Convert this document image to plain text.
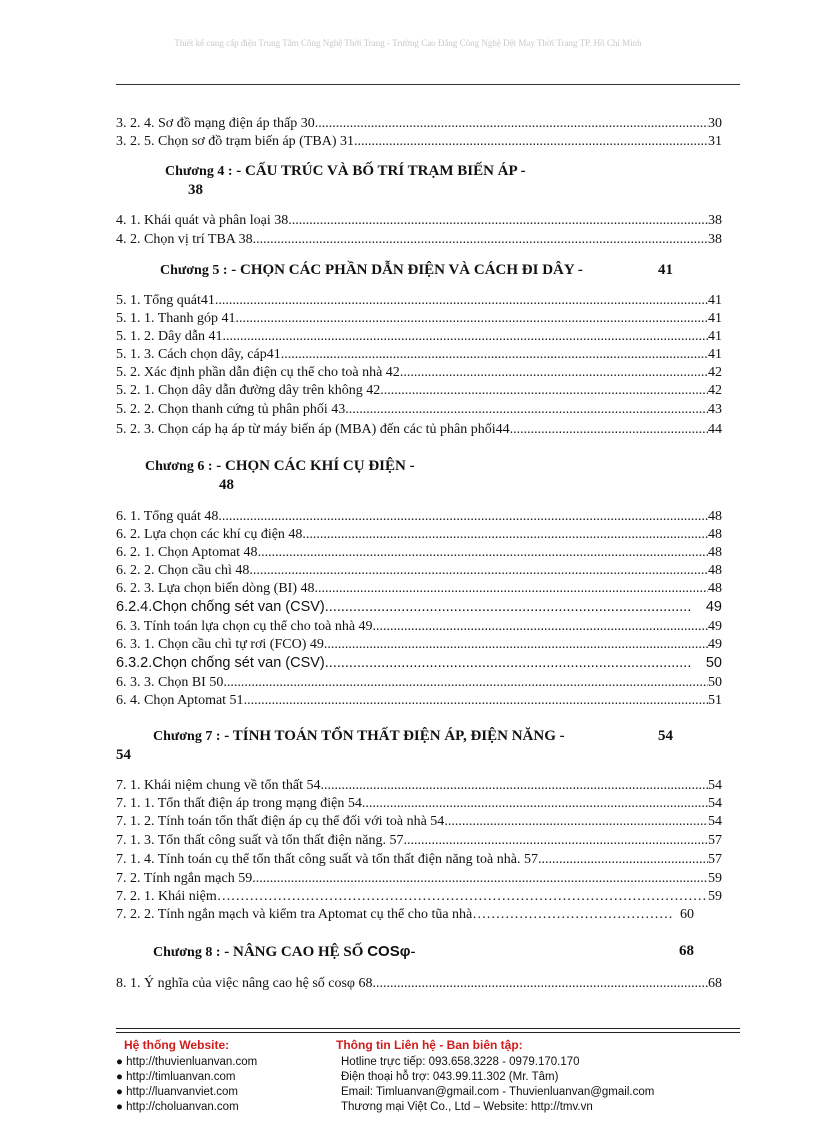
Thiết kế cung cấp điện Trung Tâm Công Nghệ Thời Trang - Trường Cao Đẳng Công Nghệ Dệt May Thời Trang TP. Hồ Chí Minh
3. 2. 4. Sơ đồ mạng điện áp thấp 30 .....	30
3. 2. 5. Chọn sơ đồ trạm biến áp (TBA) 31 .....	31
Chương 4 : - CẤU TRÚC VÀ BỐ TRÍ TRẠM BIẾN ÁP -
38
4. 1. Khái quát và phân loại 38 .....	38
4. 2. Chọn vị trí TBA 38 .....	38
Chương 5 : - CHỌN CÁC PHẦN DẪN ĐIỆN VÀ CÁCH ĐI DÂY -	41
5. 1. Tổng quát41 .....	41
5. 1. 1. Thanh góp 41 .....	41
5. 1. 2. Dây dẫn 41 .....	41
5. 1. 3. Cách chọn dây, cáp41 .....	41
5. 2. Xác định phần dẫn điện cụ thể cho toà nhà 42 .....	42
5. 2. 1. Chọn dây dẫn đường dây trên không 42 .....	42
5. 2. 2. Chọn thanh cứng tủ phân phối 43 .....	43
5. 2. 3. Chọn cáp hạ áp từ máy biến áp (MBA) đến các tủ phân phối44 .....	44
Chương 6 : - CHỌN CÁC KHÍ CỤ ĐIỆN -
48
6. 1. Tổng quát 48 .....	48
6. 2. Lựa chọn các khí cụ điện 48 .....	48
6. 2. 1. Chọn Aptomat 48 .....	48
6. 2. 2. Chọn cầu chì 48 .....	48
6. 2. 3. Lựa chọn biến dòng (BI) 48 .....	48
6.2.4.Chọn chống sét van (CSV) .....	49
6. 3. Tính toán lựa chọn cụ thể cho toà nhà 49 .....	49
6. 3. 1. Chọn cầu chì tự rơi (FCO) 49 .....	49
6.3.2.Chọn chống sét van (CSV) .....	50
6. 3. 3. Chọn BI 50 .....	50
6. 4. Chọn Aptomat 51 .....	51
Chương 7 : - TÍNH TOÁN TỔN THẤT ĐIỆN ÁP, ĐIỆN NĂNG -	54
54
7. 1. Khái niệm chung về tổn thất 54 .....	54
7. 1. 1. Tổn thất điện áp trong mạng điện 54 .....	54
7. 1. 2. Tính toán tổn thất điện áp cụ thể đối với toà nhà 54 .....	54
7. 1. 3. Tổn thất công suất và tổn thất điện năng. 57 .....	57
7. 1. 4. Tính toán cụ thể tổn thất công suất và tổn thất điện năng toà nhà. 57 .....	57
7. 2. Tính ngắn mạch 59 .....	59
7. 2. 1. Khái niệm ……………………………………………………………………………………………………………………………………	59
7. 2. 2. Tính ngắn mạch và kiểm tra Aptomat cụ thể cho tũa nhà ……………………………………………………………………………………………………………………………………	60
Chương 8 : - NÂNG CAO HỆ SỐ COSφ-	68
8. 1. Ý nghĩa của việc nâng cao hệ số cosφ 68 .....	68
Hệ thống Website:	Thông tin Liên hệ - Ban biên tập:
● http://thuvienluanvan.com
● http://timluanvan.com
● http://luanvanviet.com
● http://choluanvan.com
Hotline trực tiếp: 093.658.3228 - 0979.170.170
Điện thoại hỗ trợ: 043.99.11.302 (Mr. Tâm)
Email: Timluanvan@gmail.com - Thuvienluanvan@gmail.com
Thương mại Việt Co., Ltd – Website: http://tmv.vn
